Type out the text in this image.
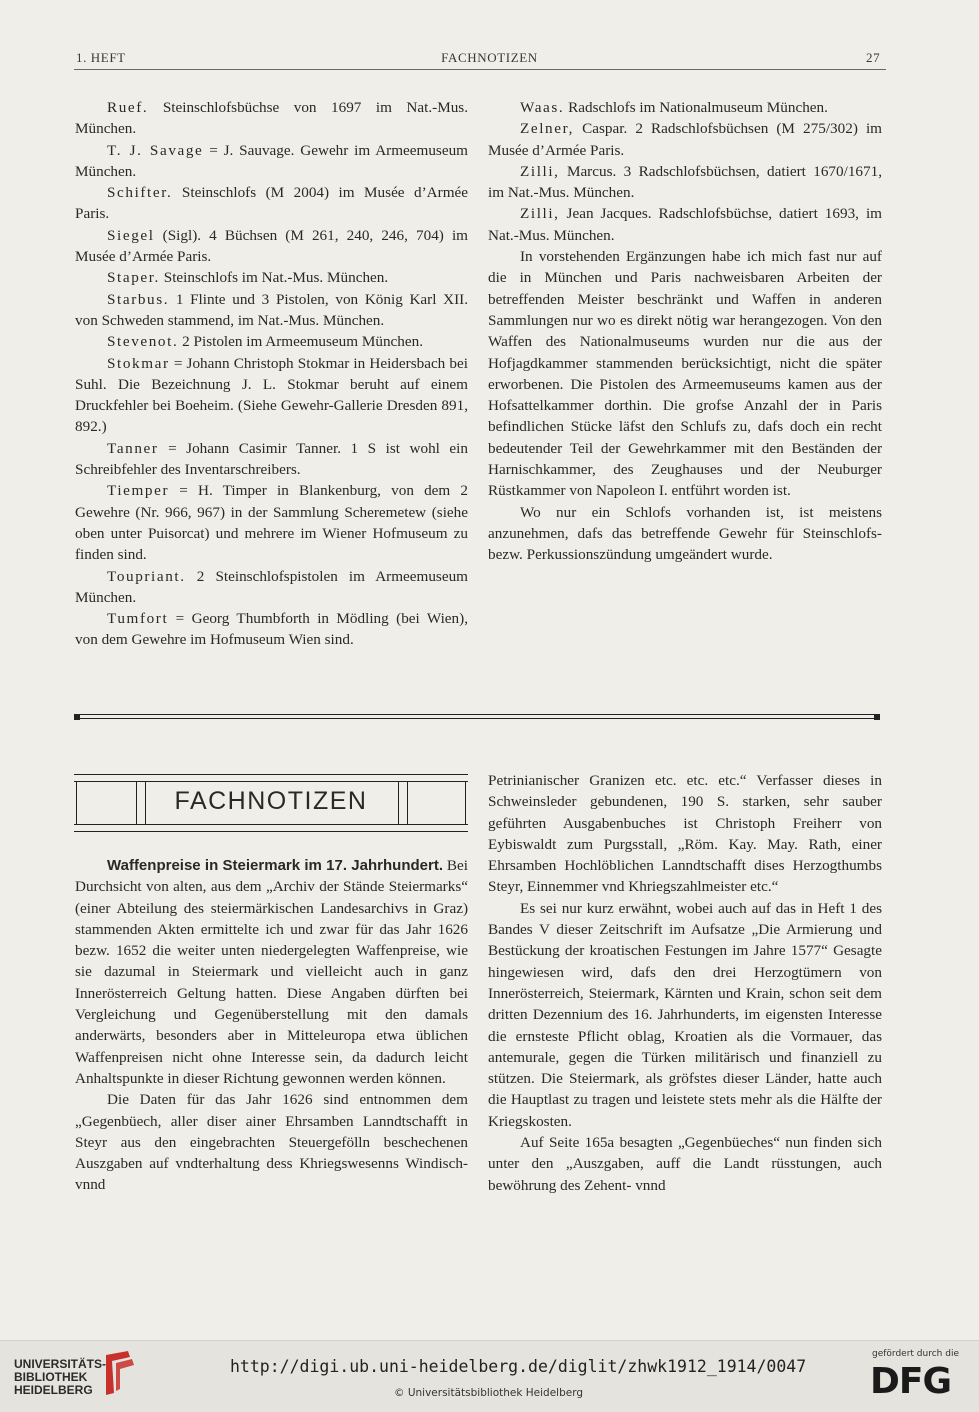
1. HEFT	FACHNOTIZEN	27

Ruef. Steinschlofsbüchse von 1697 im Nat.-Mus. München.

T. J. Savage = J. Sauvage. Gewehr im Armeemuseum München.

Schifter. Steinschlofs (M 2004) im Musée d’Armée Paris.

Siegel (Sigl). 4 Büchsen (M 261, 240, 246, 704) im Musée d’Armée Paris.

Staper. Steinschlofs im Nat.-Mus. München.

Starbus. 1 Flinte und 3 Pistolen, von König Karl XII. von Schweden stammend, im Nat.-Mus. München.

Stevenot. 2 Pistolen im Armeemuseum München.

Stokmar = Johann Christoph Stokmar in Heidersbach bei Suhl. Die Bezeichnung J. L. Stokmar beruht auf einem Druckfehler bei Boeheim. (Siehe Gewehr-Gallerie Dresden 891, 892.)

Tanner = Johann Casimir Tanner. 1 S ist wohl ein Schreibfehler des Inventarschreibers.

Tiemper = H. Timper in Blankenburg, von dem 2 Gewehre (Nr. 966, 967) in der Sammlung Scheremetew (siehe oben unter Puisorcat) und mehrere im Wiener Hofmuseum zu finden sind.

Toupriant. 2 Steinschlofspistolen im Armeemuseum München.

Tumfort = Georg Thumbforth in Mödling (bei Wien), von dem Gewehre im Hofmuseum Wien sind.

Waas. Radschlofs im Nationalmuseum München.

Zelner, Caspar. 2 Radschlofsbüchsen (M 275/302) im Musée d’Armée Paris.

Zilli, Marcus. 3 Radschlofsbüchsen, datiert 1670/1671, im Nat.-Mus. München.

Zilli, Jean Jacques. Radschlofsbüchse, datiert 1693, im Nat.-Mus. München.

In vorstehenden Ergänzungen habe ich mich fast nur auf die in München und Paris nachweisbaren Arbeiten der betreffenden Meister beschränkt und Waffen in anderen Sammlungen nur wo es direkt nötig war herangezogen. Von den Waffen des Nationalmuseums wurden nur die aus der Hofjagdkammer stammenden berücksichtigt, nicht die später erworbenen. Die Pistolen des Armeemuseums kamen aus der Hofsattelkammer dorthin. Die grofse Anzahl der in Paris befindlichen Stücke läfst den Schlufs zu, dafs doch ein recht bedeutender Teil der Gewehrkammer mit den Beständen der Harnischkammer, des Zeughauses und der Neuburger Rüstkammer von Napoleon I. entführt worden ist.

Wo nur ein Schlofs vorhanden ist, ist meistens anzunehmen, dafs das betreffende Gewehr für Steinschlofs- bezw. Perkussionszündung umgeändert wurde.

FACHNOTIZEN

Waffenpreise in Steiermark im 17. Jahrhundert. Bei Durchsicht von alten, aus dem „Archiv der Stände Steiermarks“ (einer Abteilung des steiermärkischen Landesarchivs in Graz) stammenden Akten ermittelte ich und zwar für das Jahr 1626 bezw. 1652 die weiter unten niedergelegten Waffenpreise, wie sie dazumal in Steiermark und vielleicht auch in ganz Innerösterreich Geltung hatten. Diese Angaben dürften bei Vergleichung und Gegenüberstellung mit den damals anderwärts, besonders aber in Mitteleuropa etwa üblichen Waffenpreisen nicht ohne Interesse sein, da dadurch leicht Anhaltspunkte in dieser Richtung gewonnen werden können.

Die Daten für das Jahr 1626 sind entnommen dem „Gegenbüech, aller diser ainer Ehrsamben Lanndtschafft in Steyr aus den eingebrachten Steuergefölln beschechenen Auszgaben auf vndterhaltung dess Khriegswesenns Windisch- vnnd

Petrinianischer Granizen etc. etc. etc.“ Verfasser dieses in Schweinsleder gebundenen, 190 S. starken, sehr sauber geführten Ausgabenbuches ist Christoph Freiherr von Eybiswaldt zum Purgsstall, „Röm. Kay. May. Rath, einer Ehrsamben Hochlöblichen Lanndtschafft dises Herzogthumbs Steyr, Einnemmer vnd Khriegszahlmeister etc.“

Es sei nur kurz erwähnt, wobei auch auf das in Heft 1 des Bandes V dieser Zeitschrift im Aufsatze „Die Armierung und Bestückung der kroatischen Festungen im Jahre 1577“ Gesagte hingewiesen wird, dafs den drei Herzogtümern von Innerösterreich, Steiermark, Kärnten und Krain, schon seit dem dritten Dezennium des 16. Jahrhunderts, im eigensten Interesse die ernsteste Pflicht oblag, Kroatien als die Vormauer, das antemurale, gegen die Türken militärisch und finanziell zu stützen. Die Steiermark, als gröfstes dieser Länder, hatte auch die Hauptlast zu tragen und leistete stets mehr als die Hälfte der Kriegskosten.

Auf Seite 165a besagten „Gegenbüeches“ nun finden sich unter den „Auszgaben, auff die Landt rüsstungen, auch bewöhrung des Zehent- vnnd

UNIVERSITÄTS-
BIBLIOTHEK
HEIDELBERG
http://digi.ub.uni-heidelberg.de/diglit/zhwk1912_1914/0047
© Universitätsbibliothek Heidelberg
gefördert durch die
DFG
